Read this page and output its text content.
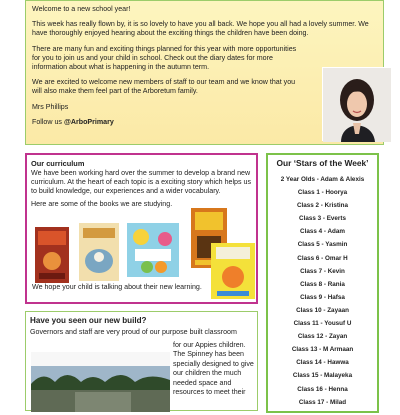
Welcome to a new school year!

This week has really flown by, it is so lovely to have you all back. We hope you all had a lovely summer. We have thoroughly enjoyed hearing about the exciting things the children have been doing.

There are many fun and exciting things planned for this year with more opportunities for you to join us and your child in school. Check out the diary dates for more information about what is happening in the autumn term.

We are excited to welcome new members of staff to our team and we know that you will also make them feel part of the Arboretum family.

Mrs Phillips

Follow us @ArboPrimary

Our curriculum

We have been working hard over the summer to develop a brand new curriculum. At the heart of each topic is a exciting story which helps us to build knowledge, our experiences and a wider vocabulary.

Here are some of the books we are studying.

We hope your child is talking about their new learning.

Have you seen our new build?

Governors and staff are very proud of our purpose built classroom

for our Appies children. The Spinney has been specially designed to give our children the much needed space and resources to meet their

Our ‘Stars of the Week’
2 Year Olds - Adam & Alexis
Class 1 - Hoorya
Class 2 - Kristina
Class 3 - Everts
Class 4 - Adam
Class 5 - Yasmin
Class 6 - Omar H
Class 7 - Kevin
Class 8 - Rania
Class 9 - Hafsa
Class 10 - Zayaan
Class 11 - Yousuf U
Class 12 - Zayan
Class 13 - M Armaan
Class 14 - Hawwa
Class 15 - Malayeka
Class 16 - Henna
Class 17 - Milad
